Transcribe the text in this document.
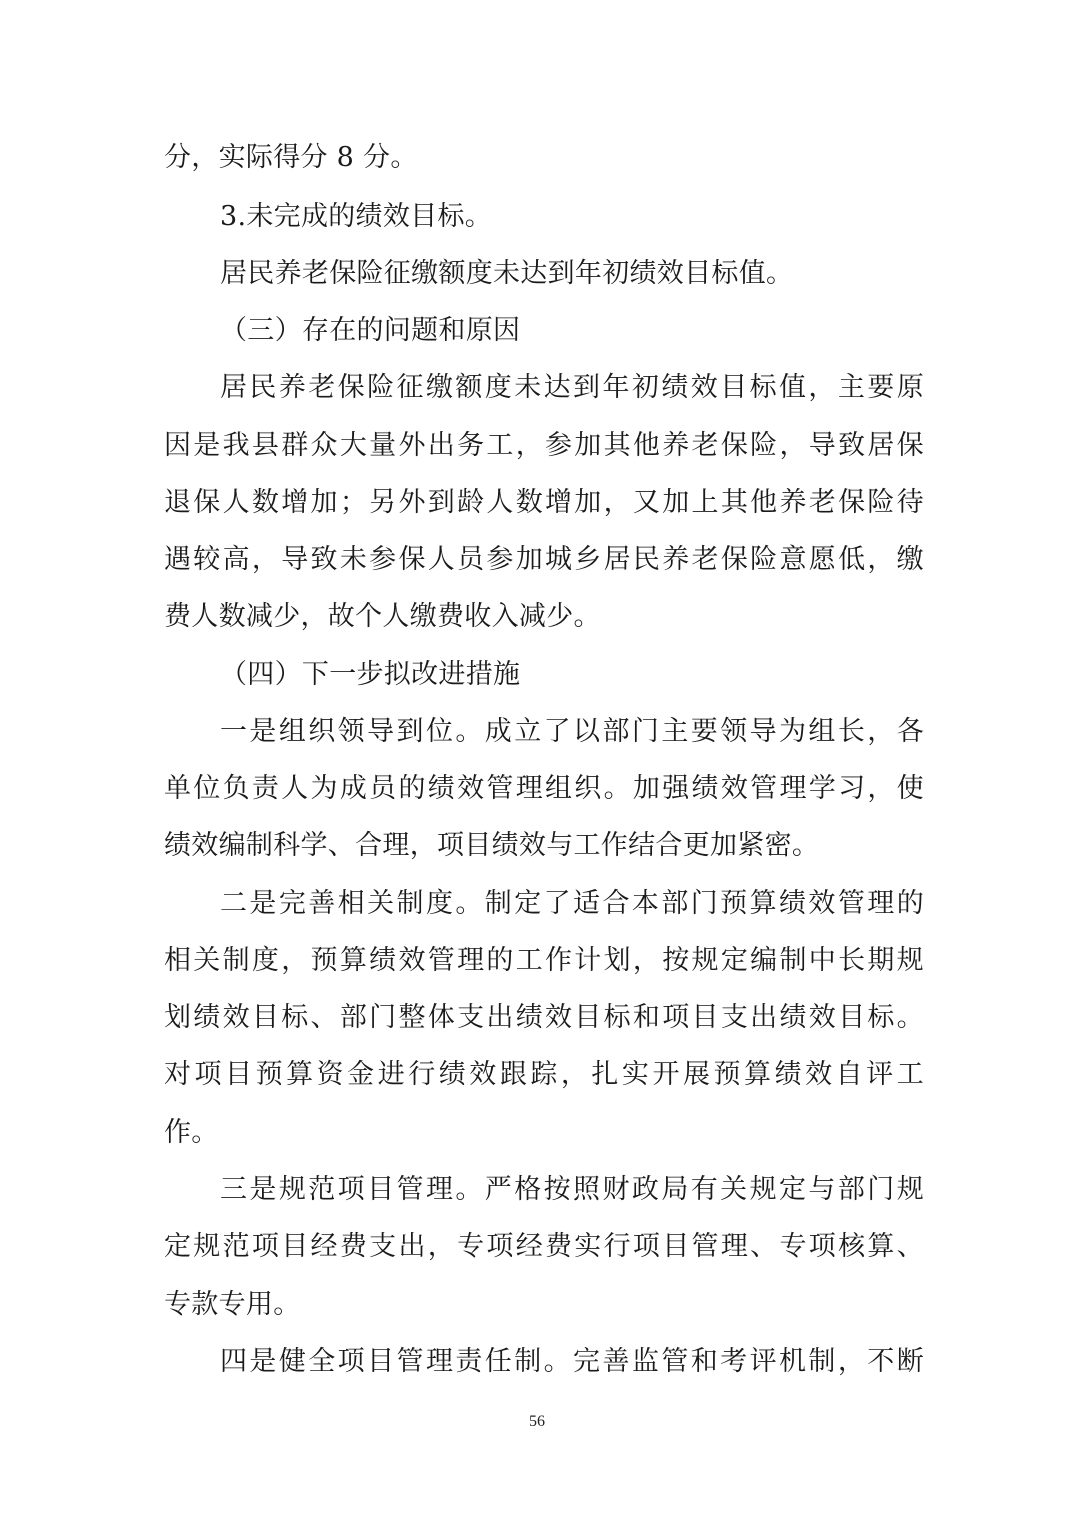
分，实际得分 8 分。
3.未完成的绩效目标。
居民养老保险征缴额度未达到年初绩效目标值。
（三）存在的问题和原因
居民养老保险征缴额度未达到年初绩效目标值，主要原
因是我县群众大量外出务工，参加其他养老保险，导致居保
退保人数增加；另外到龄人数增加，又加上其他养老保险待
遇较高，导致未参保人员参加城乡居民养老保险意愿低，缴
费人数减少，故个人缴费收入减少。
（四）下一步拟改进措施
一是组织领导到位。成立了以部门主要领导为组长，各
单位负责人为成员的绩效管理组织。加强绩效管理学习，使
绩效编制科学、合理，项目绩效与工作结合更加紧密。
二是完善相关制度。制定了适合本部门预算绩效管理的
相关制度，预算绩效管理的工作计划，按规定编制中长期规
划绩效目标、部门整体支出绩效目标和项目支出绩效目标。
对项目预算资金进行绩效跟踪，扎实开展预算绩效自评工
作。
三是规范项目管理。严格按照财政局有关规定与部门规
定规范项目经费支出，专项经费实行项目管理、专项核算、
专款专用。
四是健全项目管理责任制。完善监管和考评机制，不断
56
